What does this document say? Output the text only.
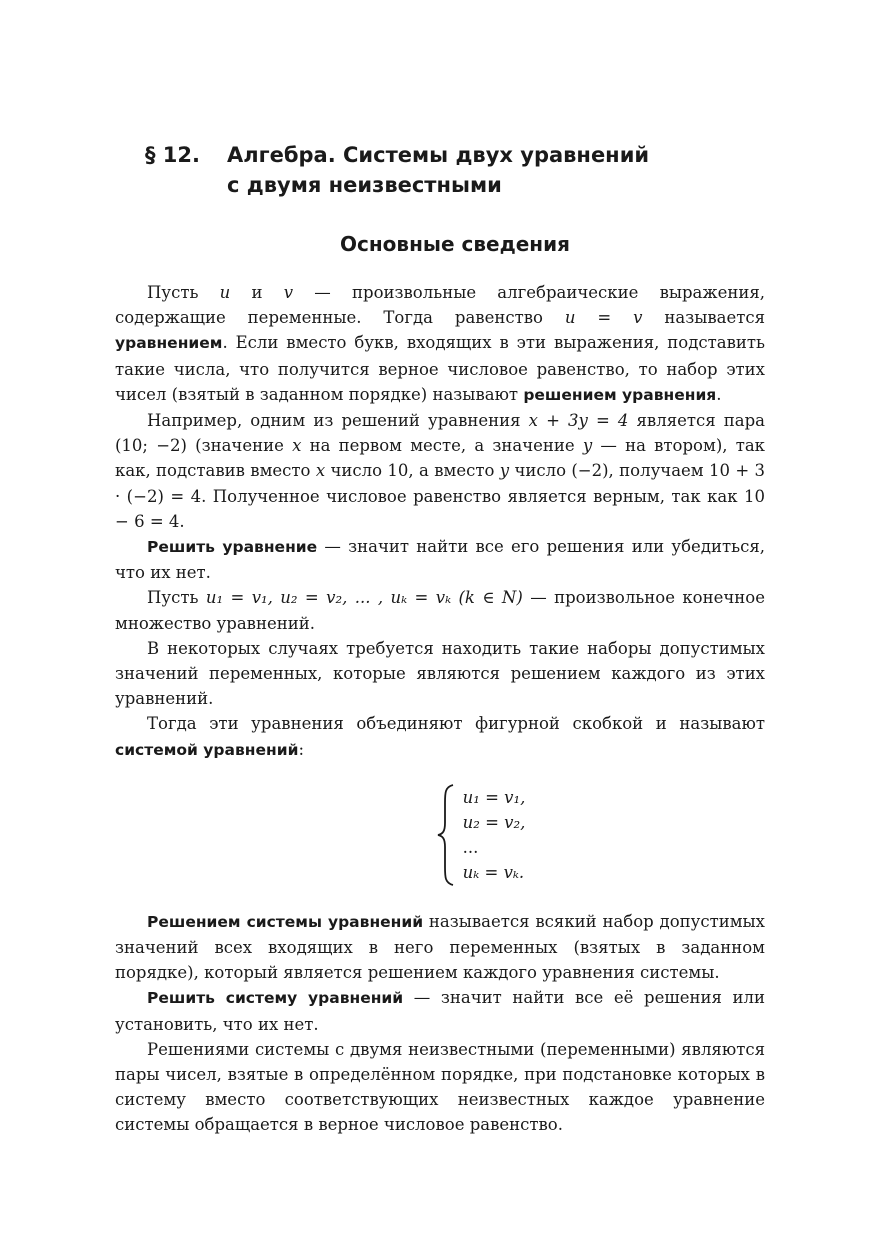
§ 12.	Алгебра. Системы двух уравнений
с двумя неизвестными
Основные сведения

Пусть u и v — произвольные алгебраические выражения, содержащие переменные. Тогда равенство u = v называется уравнением. Если вместо букв, входящих в эти выражения, подставить такие числа, что получится верное числовое равенство, то набор этих чисел (взятый в заданном порядке) называют решением уравнения.

Например, одним из решений уравнения x + 3y = 4 является пара (10; −2) (значение x на первом месте, а значение y — на втором), так как, подставив вместо x число 10, а вместо y число (−2), получаем 10 + 3 · (−2) = 4. Полученное числовое равенство является верным, так как 10 − 6 = 4.

Решить уравнение — значит найти все его решения или убедиться, что их нет.

Пусть u₁ = v₁, u₂ = v₂, ... , uₖ = vₖ (k ∈ N) — произвольное конечное множество уравнений.

В некоторых случаях требуется находить такие наборы допустимых значений переменных, которые являются решением каждого из этих уравнений.

Тогда эти уравнения объединяют фигурной скобкой и называют системой уравнений:

u₁ = v₁,
u₂ = v₂,
...
uₖ = vₖ.

Решением системы уравнений называется всякий набор допустимых значений всех входящих в него переменных (взятых в заданном порядке), который является решением каждого уравнения системы.

Решить систему уравнений — значит найти все её решения или установить, что их нет.

Решениями системы с двумя неизвестными (переменными) являются пары чисел, взятые в определённом порядке, при подстановке которых в систему вместо соответствующих неизвестных каждое уравнение системы обращается в верное числовое равенство.
